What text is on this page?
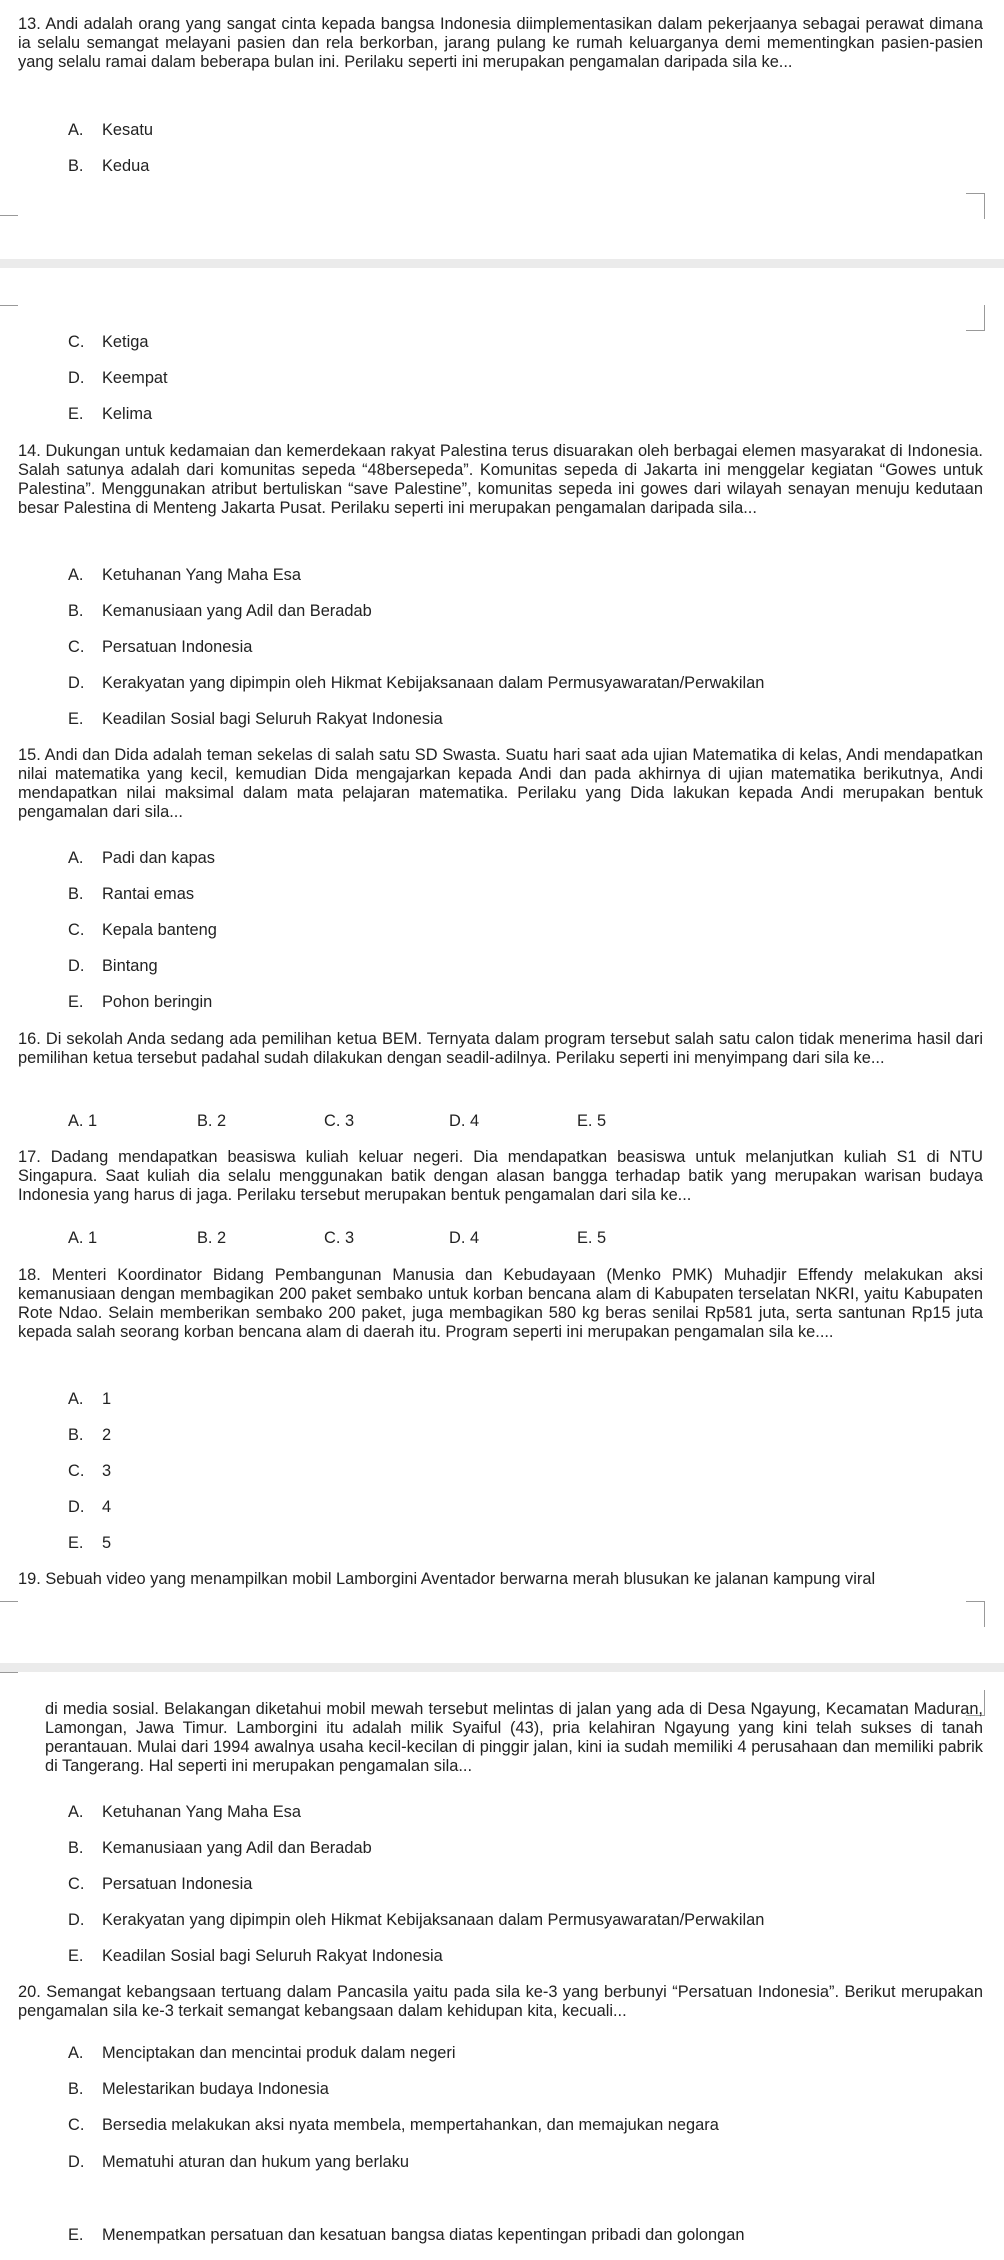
13. Andi adalah orang yang sangat cinta kepada bangsa Indonesia diimplementasikan dalam pekerjaanya sebagai perawat dimana ia selalu semangat melayani pasien dan rela berkorban, jarang pulang ke rumah keluarganya demi mementingkan pasien-pasien yang selalu ramai dalam beberapa bulan ini. Perilaku seperti ini merupakan pengamalan daripada sila ke...

A. Kesatu
B. Kedua
C. Ketiga
D. Keempat
E. Kelima

14. Dukungan untuk kedamaian dan kemerdekaan rakyat Palestina terus disuarakan oleh berbagai elemen masyarakat di Indonesia. Salah satunya adalah dari komunitas sepeda “48bersepeda”. Komunitas sepeda di Jakarta ini menggelar kegiatan “Gowes untuk Palestina”. Menggunakan atribut bertuliskan “save Palestine”, komunitas sepeda ini gowes dari wilayah senayan menuju kedutaan besar Palestina di Menteng Jakarta Pusat. Perilaku seperti ini merupakan pengamalan daripada sila...

A. Ketuhanan Yang Maha Esa
B. Kemanusiaan yang Adil dan Beradab
C. Persatuan Indonesia
D. Kerakyatan yang dipimpin oleh Hikmat Kebijaksanaan dalam Permusyawaratan/Perwakilan
E. Keadilan Sosial bagi Seluruh Rakyat Indonesia

15. Andi dan Dida adalah teman sekelas di salah satu SD Swasta. Suatu hari saat ada ujian Matematika di kelas, Andi mendapatkan nilai matematika yang kecil, kemudian Dida mengajarkan kepada Andi dan pada akhirnya di ujian matematika berikutnya, Andi mendapatkan nilai maksimal dalam mata pelajaran matematika. Perilaku yang Dida lakukan kepada Andi merupakan bentuk pengamalan dari sila...

A. Padi dan kapas
B. Rantai emas
C. Kepala banteng
D. Bintang
E. Pohon beringin

16. Di sekolah Anda sedang ada pemilihan ketua BEM. Ternyata dalam program tersebut salah satu calon tidak menerima hasil dari pemilihan ketua tersebut padahal sudah dilakukan dengan seadil-adilnya. Perilaku seperti ini menyimpang dari sila ke...

A. 1	B. 2	C. 3	D. 4	E. 5

17. Dadang mendapatkan beasiswa kuliah keluar negeri. Dia mendapatkan beasiswa untuk melanjutkan kuliah S1 di NTU Singapura. Saat kuliah dia selalu menggunakan batik dengan alasan bangga terhadap batik yang merupakan warisan budaya Indonesia yang harus di jaga. Perilaku tersebut merupakan bentuk pengamalan dari sila ke...

A. 1	B. 2	C. 3	D. 4	E. 5

18. Menteri Koordinator Bidang Pembangunan Manusia dan Kebudayaan (Menko PMK) Muhadjir Effendy melakukan aksi kemanusiaan dengan membagikan 200 paket sembako untuk korban bencana alam di Kabupaten terselatan NKRI, yaitu Kabupaten Rote Ndao. Selain memberikan sembako 200 paket, juga membagikan 580 kg beras senilai Rp581 juta, serta santunan Rp15 juta kepada salah seorang korban bencana alam di daerah itu. Program seperti ini merupakan pengamalan sila ke....

A. 1
B. 2
C. 3
D. 4
E. 5

19. Sebuah video yang menampilkan mobil Lamborgini Aventador berwarna merah blusukan ke jalanan kampung viral

di media sosial. Belakangan diketahui mobil mewah tersebut melintas di jalan yang ada di Desa Ngayung, Kecamatan Maduran, Lamongan, Jawa Timur. Lamborgini itu adalah milik Syaiful (43), pria kelahiran Ngayung yang kini telah sukses di tanah perantauan. Mulai dari 1994 awalnya usaha kecil-kecilan di pinggir jalan, kini ia sudah memiliki 4 perusahaan dan memiliki pabrik di Tangerang. Hal seperti ini merupakan pengamalan sila...

A. Ketuhanan Yang Maha Esa
B. Kemanusiaan yang Adil dan Beradab
C. Persatuan Indonesia
D. Kerakyatan yang dipimpin oleh Hikmat Kebijaksanaan dalam Permusyawaratan/Perwakilan
E. Keadilan Sosial bagi Seluruh Rakyat Indonesia

20. Semangat kebangsaan tertuang dalam Pancasila yaitu pada sila ke-3 yang berbunyi “Persatuan Indonesia”. Berikut merupakan pengamalan sila ke-3 terkait semangat kebangsaan dalam kehidupan kita, kecuali...

A. Menciptakan dan mencintai produk dalam negeri
B. Melestarikan budaya Indonesia
C. Bersedia melakukan aksi nyata membela, mempertahankan, dan memajukan negara
D. Mematuhi aturan dan hukum yang berlaku
E. Menempatkan persatuan dan kesatuan bangsa diatas kepentingan pribadi dan golongan
